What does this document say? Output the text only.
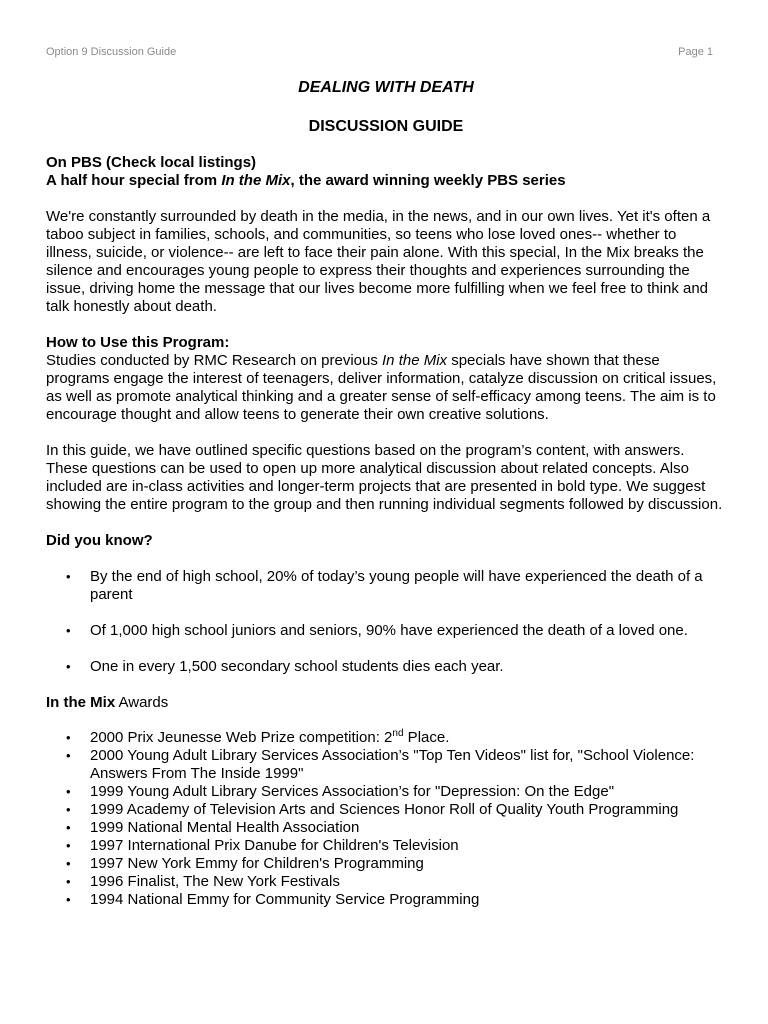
Option 9 Discussion Guide	Page 1
DEALING WITH DEATH
DISCUSSION GUIDE

On PBS (Check local listings)

A half hour special from In the Mix, the award winning weekly PBS series

We're constantly surrounded by death in the media, in the news, and in our own lives. Yet it's often a taboo subject in families, schools, and communities, so teens who lose loved ones-- whether to illness, suicide, or violence-- are left to face their pain alone. With this special, In the Mix breaks the silence and encourages young people to express their thoughts and experiences surrounding the issue, driving home the message that our lives become more fulfilling when we feel free to think and talk honestly about death.

How to Use this Program:

Studies conducted by RMC Research on previous In the Mix specials have shown that these programs engage the interest of teenagers, deliver information, catalyze discussion on critical issues, as well as promote analytical thinking and a greater sense of self-efficacy among teens. The aim is to encourage thought and allow teens to generate their own creative solutions.

In this guide, we have outlined specific questions based on the program’s content, with answers. These questions can be used to open up more analytical discussion about related concepts. Also included are in-class activities and longer-term projects that are presented in bold type. We suggest showing the entire program to the group and then running individual segments followed by discussion.

Did you know?

• By the end of high school, 20% of today’s young people will have experienced the death of a parent
• Of 1,000 high school juniors and seniors, 90% have experienced the death of a loved one.
• One in every 1,500 secondary school students dies each year.

In the Mix Awards

• 2000 Prix Jeunesse Web Prize competition: 2nd Place.
• 2000 Young Adult Library Services Association’s "Top Ten Videos" list for, "School Violence: Answers From The Inside 1999"
• 1999 Young Adult Library Services Association’s for "Depression: On the Edge"
• 1999 Academy of Television Arts and Sciences Honor Roll of Quality Youth Programming
• 1999 National Mental Health Association
• 1997 International Prix Danube for Children's Television
• 1997 New York Emmy for Children's Programming
• 1996 Finalist, The New York Festivals
• 1994 National Emmy for Community Service Programming
